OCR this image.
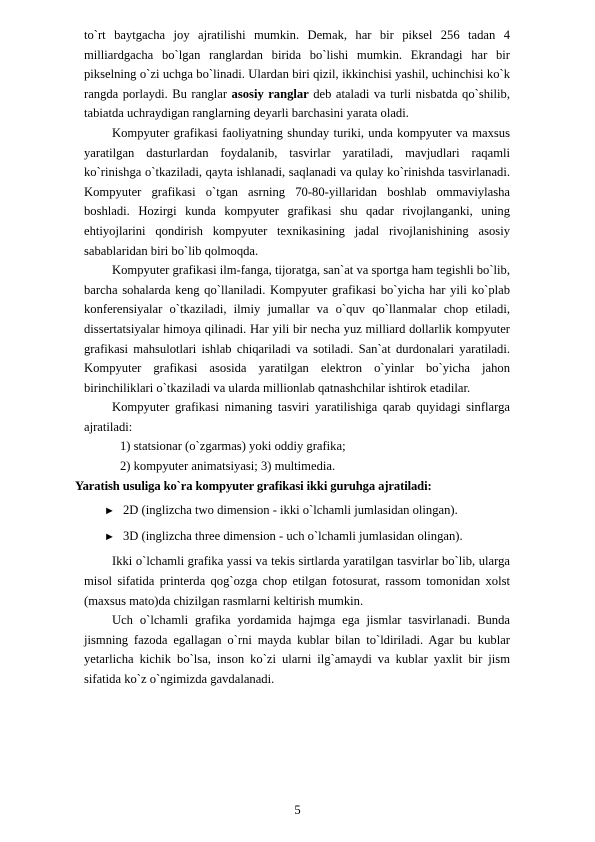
to`rt baytgacha joy ajratilishi mumkin. Demak, har bir piksel 256 tadan 4 milliardgacha bo`lgan ranglardan birida bo`lishi mumkin. Ekrandagi har bir pikselning o`zi uchga bo`linadi. Ulardan biri qizil, ikkinchisi yashil, uchinchisi ko`k rangda porlaydi. Bu ranglar asosiy ranglar deb ataladi va turli nisbatda qo`shilib, tabiatda uchraydigan ranglarning deyarli barchasini yarata oladi.

Kompyuter grafikasi faoliyatning shunday turiki, unda kompyuter va maxsus yaratilgan dasturlardan foydalanib, tasvirlar yaratiladi, mavjudlari raqamli ko`rinishga o`tkaziladi, qayta ishlanadi, saqlanadi va qulay ko`rinishda tasvirlanadi. Kompyuter grafikasi o`tgan asrning 70-80-yillaridan boshlab ommaviylasha boshladi. Hozirgi kunda kompyuter grafikasi shu qadar rivojlanganki, uning ehtiyojlarini qondirish kompyuter texnikasining jadal rivojlanishining asosiy sabablaridan biri bo`lib qolmoqda.

Kompyuter grafikasi ilm-fanga, tijoratga, san`at va sportga ham tegishli bo`lib, barcha sohalarda keng qo`llaniladi. Kompyuter grafikasi bo`yicha har yili ko`plab konferensiyalar o`tkaziladi, ilmiy jumallar va o`quv qo`llanmalar chop etiladi, dissertatsiyalar himoya qilinadi. Har yili bir necha yuz milliard dollarlik kompyuter grafikasi mahsulotlari ishlab chiqariladi va sotiladi. San`at durdonalari yaratiladi. Kompyuter grafikasi asosida yaratilgan elektron o`yinlar bo`yicha jahon birinchiliklari o`tkaziladi va ularda millionlab qatnashchilar ishtirok etadilar.

Kompyuter grafikasi nimaning tasviri yaratilishiga qarab quyidagi sinflarga ajratiladi:

1) statsionar (o`zgarmas) yoki oddiy grafika;

2) kompyuter animatsiyasi; 3) multimedia.

Yaratish usuliga ko`ra kompyuter grafikasi ikki guruhga ajratiladi:

► 2D (inglizcha two dimension - ikki o`lchamli jumlasidan olingan).

► 3D (inglizcha three dimension - uch o`lchamli jumlasidan olingan).

Ikki o`lchamli grafika yassi va tekis sirtlarda yaratilgan tasvirlar bo`lib, ularga misol sifatida printerda qog`ozga chop etilgan fotosurat, rassom tomonidan xolst (maxsus mato)da chizilgan rasmlarni keltirish mumkin.

Uch o`lchamli grafika yordamida hajmga ega jismlar tasvirlanadi. Bunda jismning fazoda egallagan o`rni mayda kublar bilan to`ldiriladi. Agar bu kublar yetarlicha kichik bo`lsa, inson ko`zi ularni ilg`amaydi va kublar yaxlit bir jism sifatida ko`z o`ngimizda gavdalanadi.

5
